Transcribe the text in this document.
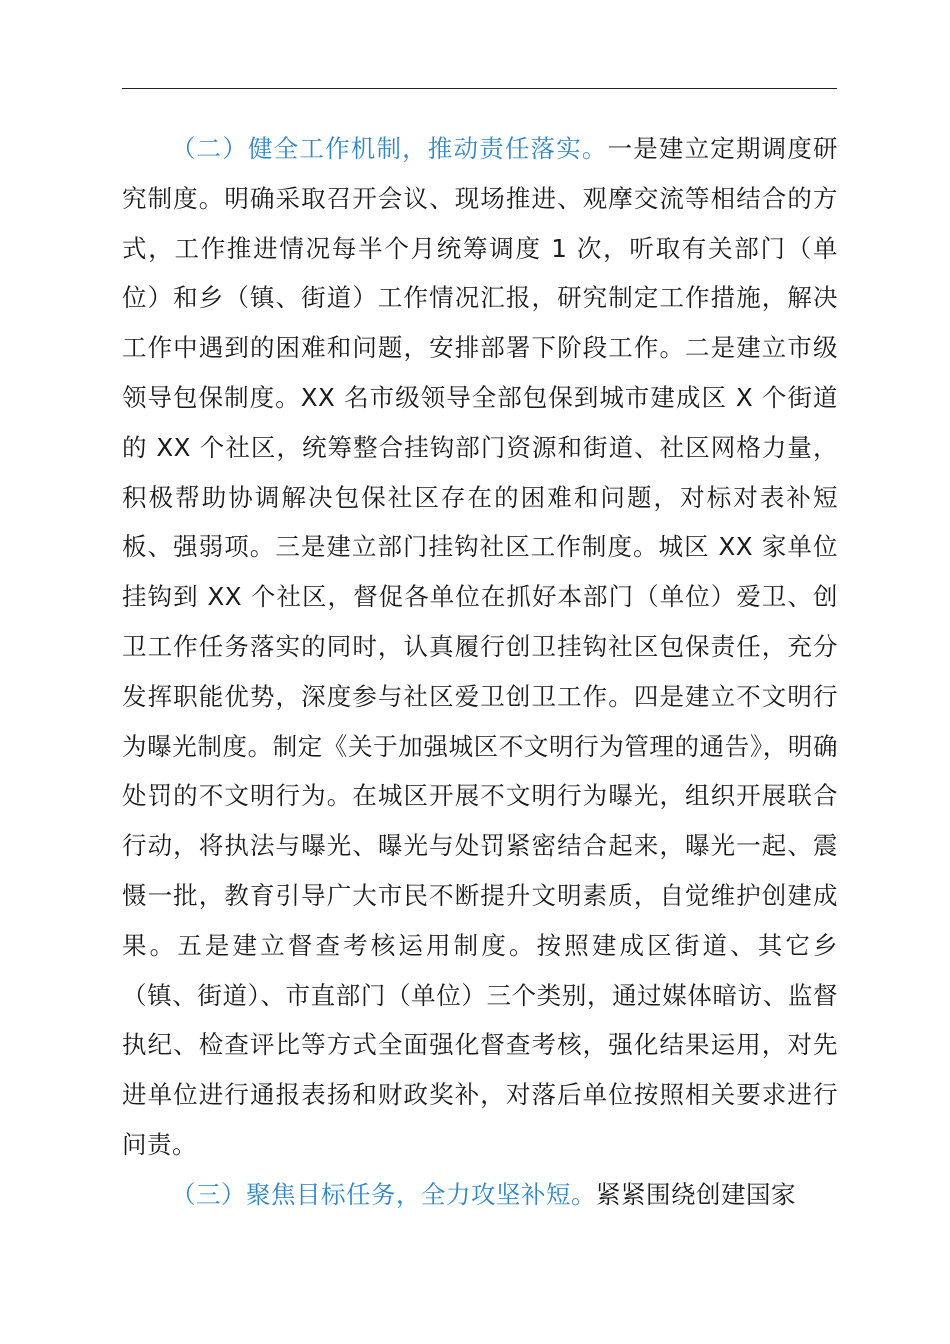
（二）健全工作机制，推动责任落实。一是建立定期调度研究制度。明确采取召开会议、现场推进、观摩交流等相结合的方式，工作推进情况每半个月统筹调度 1 次，听取有关部门（单位）和乡（镇、街道）工作情况汇报，研究制定工作措施，解决工作中遇到的困难和问题，安排部署下阶段工作。二是建立市级领导包保制度。XX 名市级领导全部包保到城市建成区 X 个街道的 XX 个社区，统筹整合挂钩部门资源和街道、社区网格力量，积极帮助协调解决包保社区存在的困难和问题，对标对表补短板、强弱项。三是建立部门挂钩社区工作制度。城区 XX 家单位挂钩到 XX 个社区，督促各单位在抓好本部门（单位）爱卫、创卫工作任务落实的同时，认真履行创卫挂钩社区包保责任，充分发挥职能优势，深度参与社区爱卫创卫工作。四是建立不文明行为曝光制度。制定《关于加强城区不文明行为管理的通告》，明确处罚的不文明行为。在城区开展不文明行为曝光，组织开展联合行动，将执法与曝光、曝光与处罚紧密结合起来，曝光一起、震慑一批，教育引导广大市民不断提升文明素质，自觉维护创建成果。五是建立督查考核运用制度。按照建成区街道、其它乡（镇、街道）、市直部门（单位）三个类别，通过媒体暗访、监督执纪、检查评比等方式全面强化督查考核，强化结果运用，对先进单位进行通报表扬和财政奖补，对落后单位按照相关要求进行问责。

（三）聚焦目标任务，全力攻坚补短。紧紧围绕创建国家
